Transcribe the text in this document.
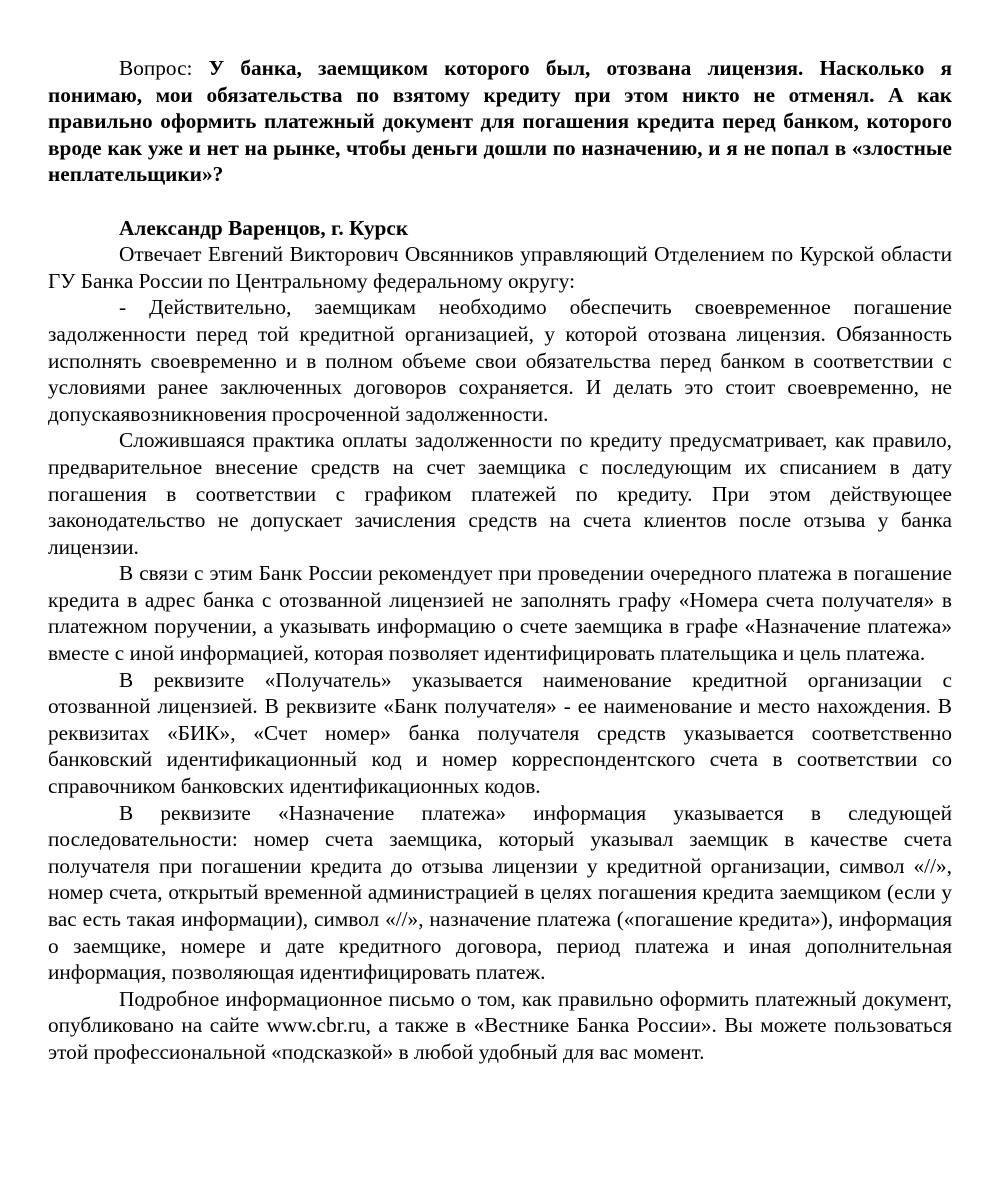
Вопрос: У банка, заемщиком которого был, отозвана лицензия. Насколько я понимаю, мои обязательства по взятому кредиту при этом никто не отменял. А как правильно оформить платежный документ для погашения кредита перед банком, которого вроде как уже и нет на рынке, чтобы деньги дошли по назначению, и я не попал в «злостные неплательщики»?

Александр Варенцов, г. Курск

Отвечает Евгений Викторович Овсянников управляющий Отделением по Курской области ГУ Банка России по Центральному федеральному округу:

- Действительно, заемщикам необходимо обеспечить своевременное погашение задолженности перед той кредитной организацией, у которой отозвана лицензия. Обязанность исполнять своевременно и в полном объеме свои обязательства перед банком в соответствии с условиями ранее заключенных договоров сохраняется. И делать это стоит своевременно, не допускаявозникновения просроченной задолженности.

Сложившаяся практика оплаты задолженности по кредиту предусматривает, как правило, предварительное внесение средств на счет заемщика с последующим их списанием в дату погашения в соответствии с графиком платежей по кредиту. При этом действующее законодательство не допускает зачисления средств на счета клиентов после отзыва у банка лицензии.

В связи с этим Банк России рекомендует при проведении очередного платежа в погашение кредита в адрес банка с отозванной лицензией не заполнять графу «Номера счета получателя» в платежном поручении, а указывать информацию о счете заемщика в графе «Назначение платежа» вместе с иной информацией, которая позволяет идентифицировать плательщика и цель платежа.

В реквизите «Получатель» указывается наименование кредитной организации с отозванной лицензией. В реквизите «Банк получателя» - ее наименование и место нахождения. В реквизитах «БИК», «Счет номер» банка получателя средств указывается соответственно банковский идентификационный код и номер корреспондентского счета в соответствии со справочником банковских идентификационных кодов.

В реквизите «Назначение платежа» информация указывается в следующей последовательности: номер счета заемщика, который указывал заемщик в качестве счета получателя при погашении кредита до отзыва лицензии у кредитной организации, символ «//», номер счета, открытый временной администрацией в целях погашения кредита заемщиком (если у вас есть такая информации), символ «//», назначение платежа («погашение кредита»), информация о заемщике, номере и дате кредитного договора, период платежа и иная дополнительная информация, позволяющая идентифицировать платеж.

Подробное информационное письмо о том, как правильно оформить платежный документ, опубликовано на сайте www.cbr.ru, а также в «Вестнике Банка России». Вы можете пользоваться этой профессиональной «подсказкой» в любой удобный для вас момент.
